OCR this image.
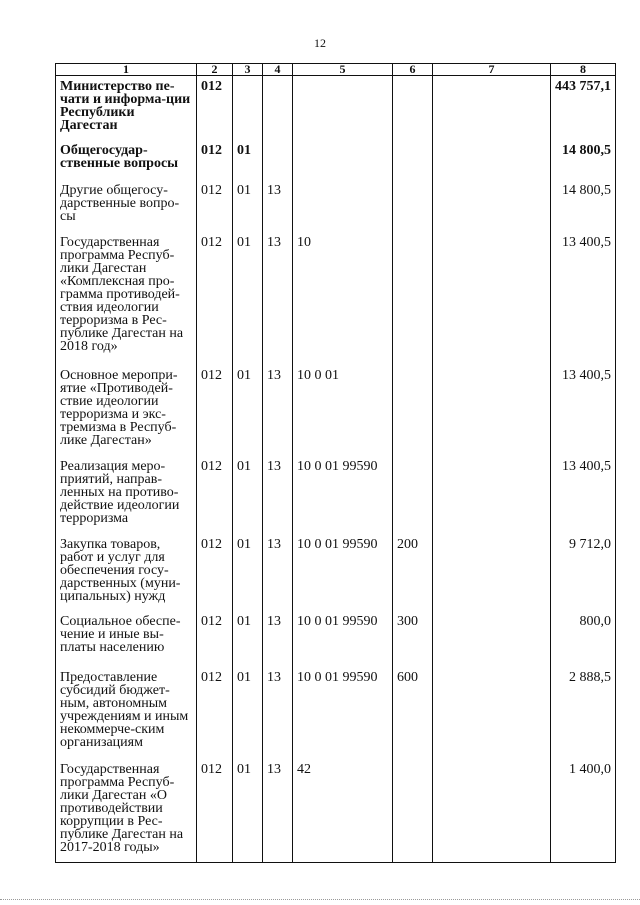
12
1	2	3	4	5	6	7	8
Министерство пе-чати и информа-ции Республики Дагестан	012						443 757,1
Общегосудар-ственные вопросы	012	01					14 800,5
Другие общегосу-дарственные вопро-сы	012	01	13				14 800,5
Государственная программа Респуб-лики Дагестан «Комплексная про-грамма противодей-ствия идеологии терроризма в Рес-публике Дагестан на 2018 год»	012	01	13	10			13 400,5
Основное меропри-ятие «Противодей-ствие идеологии терроризма и экс-тремизма в Респуб-лике Дагестан»	012	01	13	10 0 01			13 400,5
Реализация меро-приятий, направ-ленных на противо-действие идеологии терроризма	012	01	13	10 0 01 99590			13 400,5
Закупка товаров, работ и услуг для обеспечения госу-дарственных (муни-ципальных) нужд	012	01	13	10 0 01 99590	200		9 712,0
Социальное обеспе-чение и иные вы-платы населению	012	01	13	10 0 01 99590	300		800,0
Предоставление субсидий бюджет-ным, автономным учреждениям и иным некоммерче-ским организациям	012	01	13	10 0 01 99590	600		2 888,5
Государственная программа Респуб-лики Дагестан «О противодействии коррупции в Рес-публике Дагестан на 2017-2018 годы»	012	01	13	42			1 400,0
